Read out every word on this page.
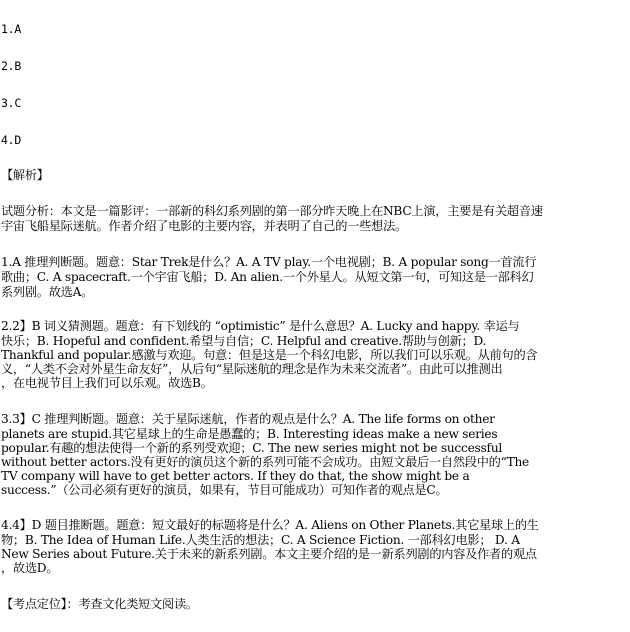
1.A
2.B
3.C
4.D
【解析】
试题分析：本文是一篇影评：一部新的科幻系列剧的第一部分昨天晚上在NBC上演，主要是有关超音速
宇宙飞船星际迷航。作者介绍了电影的主要内容，并表明了自己的一些想法。
1.A 推理判断题。题意：Star Trek是什么？A. A TV play.一个电视剧；B. A popular song一首流行
歌曲；C. A spacecraft.一个宇宙飞船；D. An alien.一个外星人。从短文第一句，可知这是一部科幻
系列剧。故选A。
2.2】B 词义猜测题。题意：有下划线的 “optimistic” 是什么意思？A. Lucky and happy. 幸运与
快乐；B. Hopeful and confident.希望与自信；C. Helpful and creative.帮助与创新；D.
Thankful and popular.感激与欢迎。句意：但是这是一个科幻电影，所以我们可以乐观。从前句的含
义，“人类不会对外星生命友好”，从后句“星际迷航的理念是作为未来交流者”。由此可以推测出
，在电视节目上我们可以乐观。故选B。
3.3】C 推理判断题。题意：关于星际迷航，作者的观点是什么？A. The life forms on other
planets are stupid.其它星球上的生命是愚蠢的；B. Interesting ideas make a new series
popular.有趣的想法使得一个新的系列受欢迎；C. The new series might not be successful
without better actors.没有更好的演员这个新的系列可能不会成功。由短文最后一自然段中的“The
TV company will have to get better actors. If they do that, the show might be a
success.”（公司必须有更好的演员，如果有，节目可能成功）可知作者的观点是C。
4.4】D 题目推断题。题意：短文最好的标题将是什么？A. Aliens on Other Planets.其它星球上的生
物；B. The Idea of Human Life.人类生活的想法；C. A Science Fiction. 一部科幻电影； D. A
New Series about Future.关于未来的新系列剧。本文主要介绍的是一新系列剧的内容及作者的观点
，故选D。
【考点定位】：考查文化类短文阅读。
